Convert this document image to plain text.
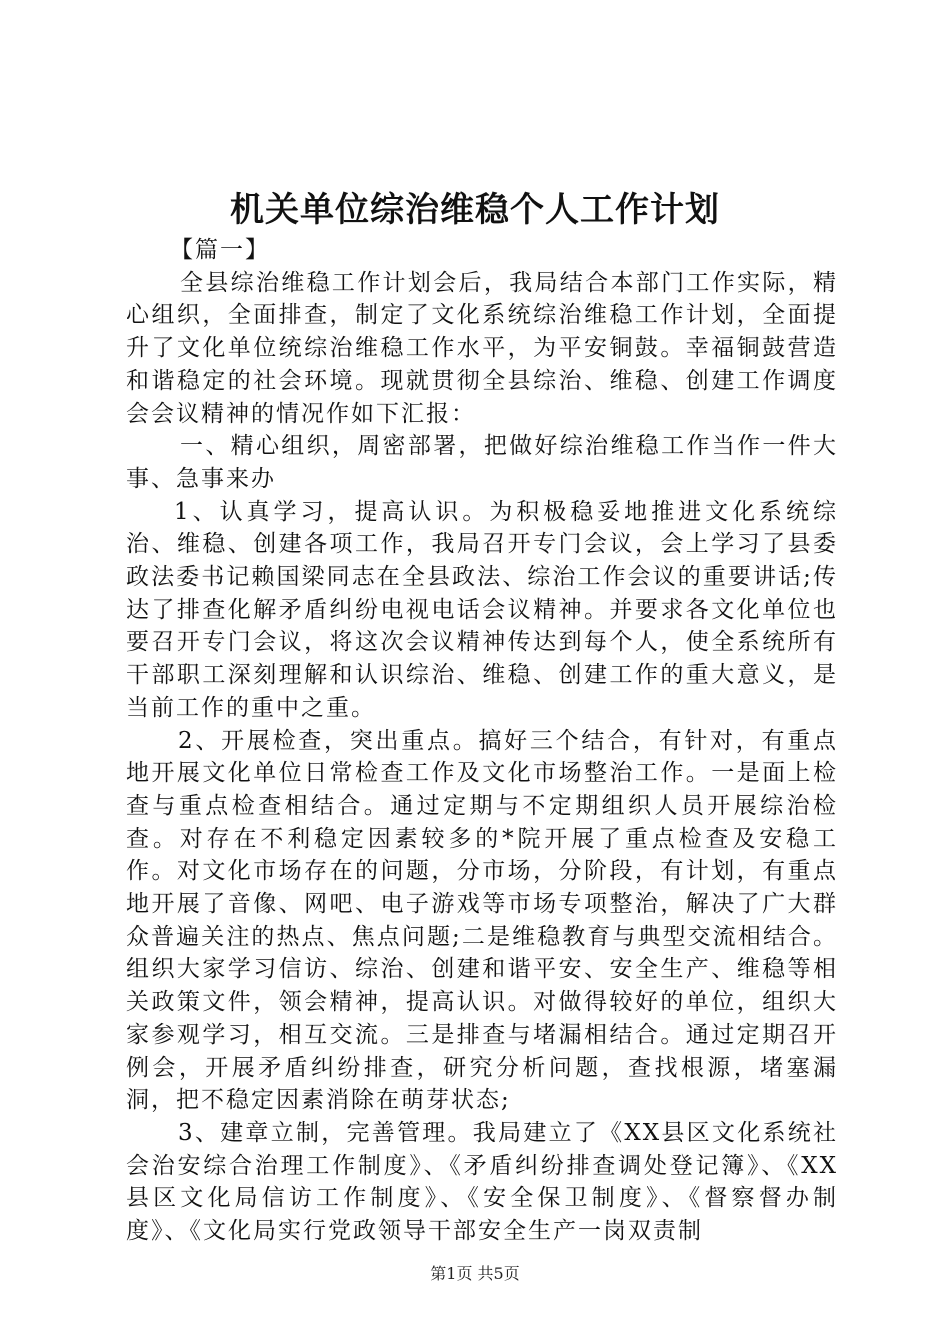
机关单位综治维稳个人工作计划

【篇一】

全县综治维稳工作计划会后，我局结合本部门工作实际，精心组织，全面排查，制定了文化系统综治维稳工作计划，全面提升了文化单位统综治维稳工作水平，为平安铜鼓。幸福铜鼓营造和谐稳定的社会环境。现就贯彻全县综治、维稳、创建工作调度会会议精神的情况作如下汇报：

一、精心组织，周密部署，把做好综治维稳工作当作一件大事、急事来办

1、认真学习，提高认识。为积极稳妥地推进文化系统综治、维稳、创建各项工作，我局召开专门会议，会上学习了县委政法委书记赖国梁同志在全县政法、综治工作会议的重要讲话;传达了排查化解矛盾纠纷电视电话会议精神。并要求各文化单位也要召开专门会议，将这次会议精神传达到每个人，使全系统所有干部职工深刻理解和认识综治、维稳、创建工作的重大意义，是当前工作的重中之重。

2、开展检查，突出重点。搞好三个结合，有针对，有重点地开展文化单位日常检查工作及文化市场整治工作。一是面上检查与重点检查相结合。通过定期与不定期组织人员开展综治检查。对存在不利稳定因素较多的*院开展了重点检查及安稳工作。对文化市场存在的问题，分市场，分阶段，有计划，有重点地开展了音像、网吧、电子游戏等市场专项整治，解决了广大群众普遍关注的热点、焦点问题;二是维稳教育与典型交流相结合。组织大家学习信访、综治、创建和谐平安、安全生产、维稳等相关政策文件，领会精神，提高认识。对做得较好的单位，组织大家参观学习，相互交流。三是排查与堵漏相结合。通过定期召开例会，开展矛盾纠纷排查，研究分析问题，查找根源，堵塞漏洞，把不稳定因素消除在萌芽状态;

3、建章立制，完善管理。我局建立了《XX县区文化系统社会治安综合治理工作制度》、《矛盾纠纷排查调处登记簿》、《XX县区文化局信访工作制度》、《安全保卫制度》、《督察督办制度》、《文化局实行党政领导干部安全生产一岗双责制

第1页 共5页
